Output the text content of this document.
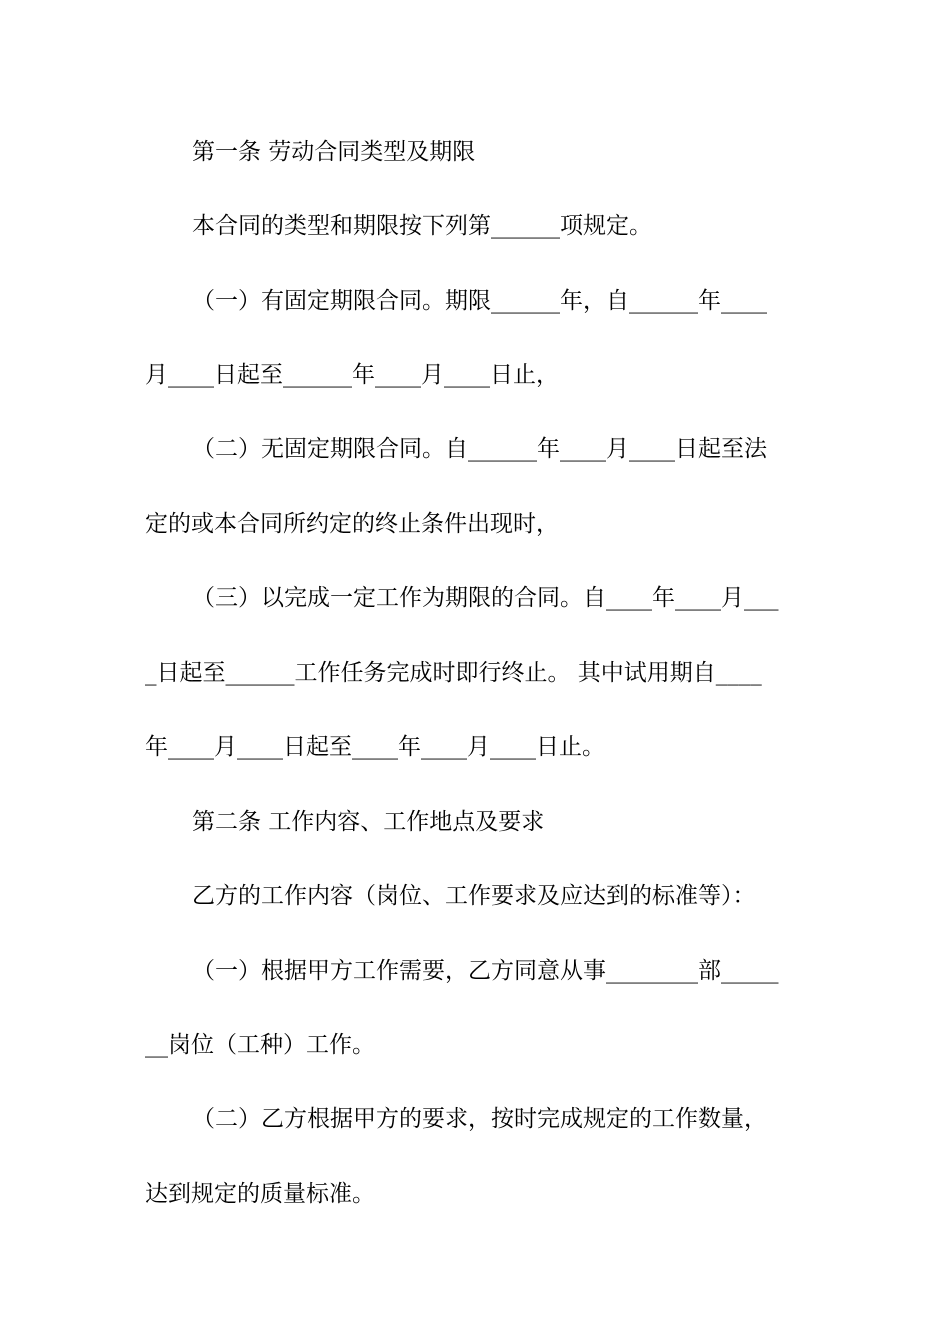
第一条 劳动合同类型及期限
本合同的类型和期限按下列第______项规定。
（一）有固定期限合同。期限______年，自______年____
月____日起至______年____月____日止，
（二）无固定期限合同。自______年____月____日起至法
定的或本合同所约定的终止条件出现时，
（三）以完成一定工作为期限的合同。自____年____月___
_日起至______工作任务完成时即行终止。 其中试用期自____
年____月____日起至____年____月____日止。
第二条 工作内容、工作地点及要求
乙方的工作内容（岗位、工作要求及应达到的标准等）：
（一）根据甲方工作需要，乙方同意从事________部_____
__岗位（工种）工作。
（二）乙方根据甲方的要求，按时完成规定的工作数量，
达到规定的质量标准。
